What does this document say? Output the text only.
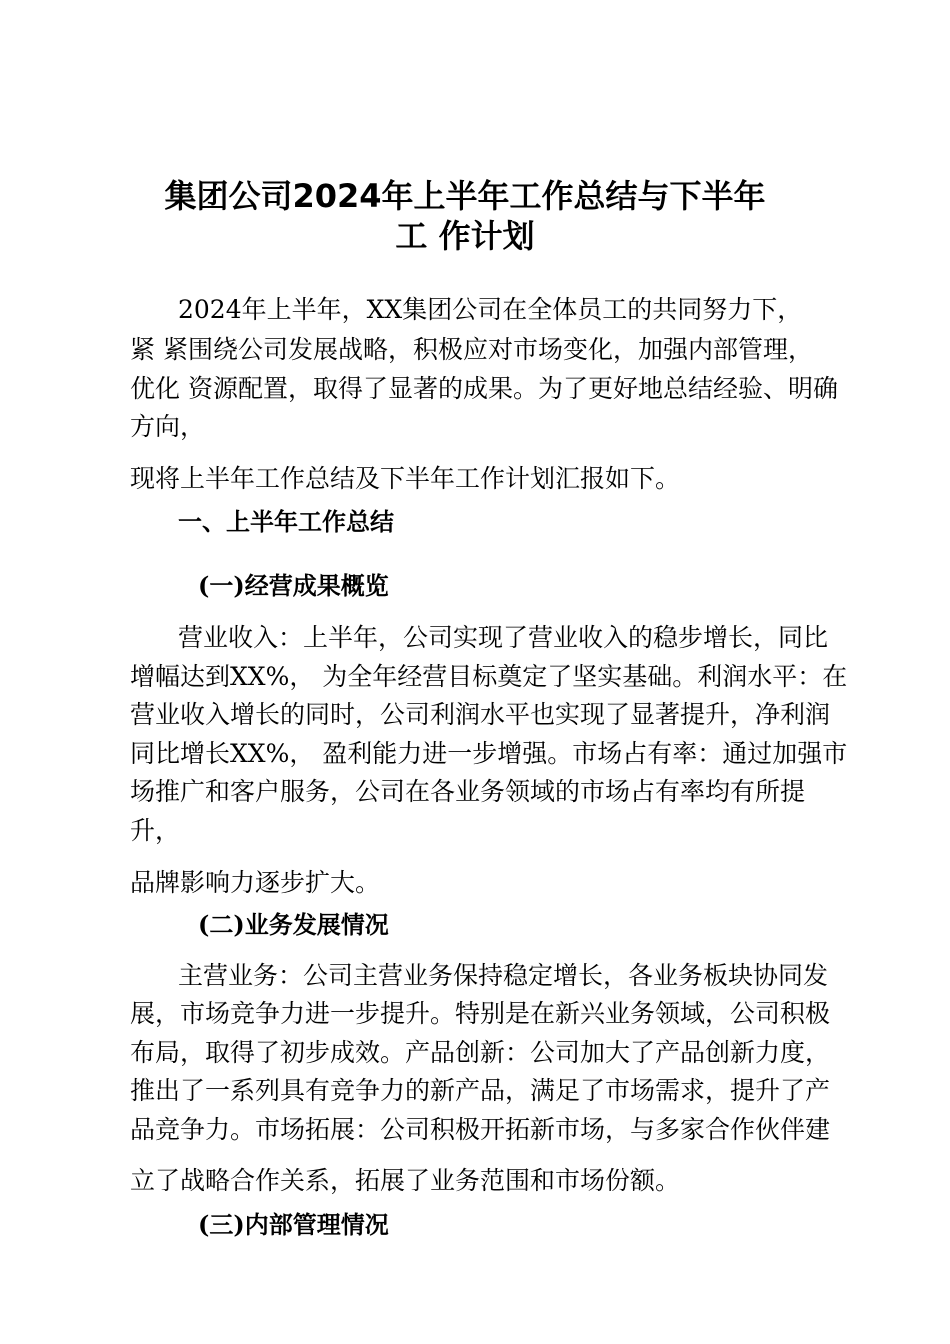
集团公司2024年上半年工作总结与下半年
工 作计划
2024年上半年，XX集团公司在全体员工的共同努力下，
紧 紧围绕公司发展战略，积极应对市场变化，加强内部管理，
优化 资源配置，取得了显著的成果。为了更好地总结经验、明确
方向，
现将上半年工作总结及下半年工作计划汇报如下。
一、上半年工作总结
(一)经营成果概览
营业收入：上半年，公司实现了营业收入的稳步增长，同比
增幅达到XX%， 为全年经营目标奠定了坚实基础。利润水平：在
营业收入增长的同时，公司利润水平也实现了显著提升，净利润
同比增长XX%， 盈利能力进一步增强。市场占有率：通过加强市
场推广和客户服务，公司在各业务领域的市场占有率均有所提
升，
品牌影响力逐步扩大。
(二)业务发展情况
主营业务：公司主营业务保持稳定增长，各业务板块协同发
展，市场竞争力进一步提升。特别是在新兴业务领域，公司积极
布局，取得了初步成效。产品创新：公司加大了产品创新力度，
推出了一系列具有竞争力的新产品，满足了市场需求，提升了产
品竞争力。市场拓展：公司积极开拓新市场，与多家合作伙伴建
立了战略合作关系，拓展了业务范围和市场份额。
(三)内部管理情况
